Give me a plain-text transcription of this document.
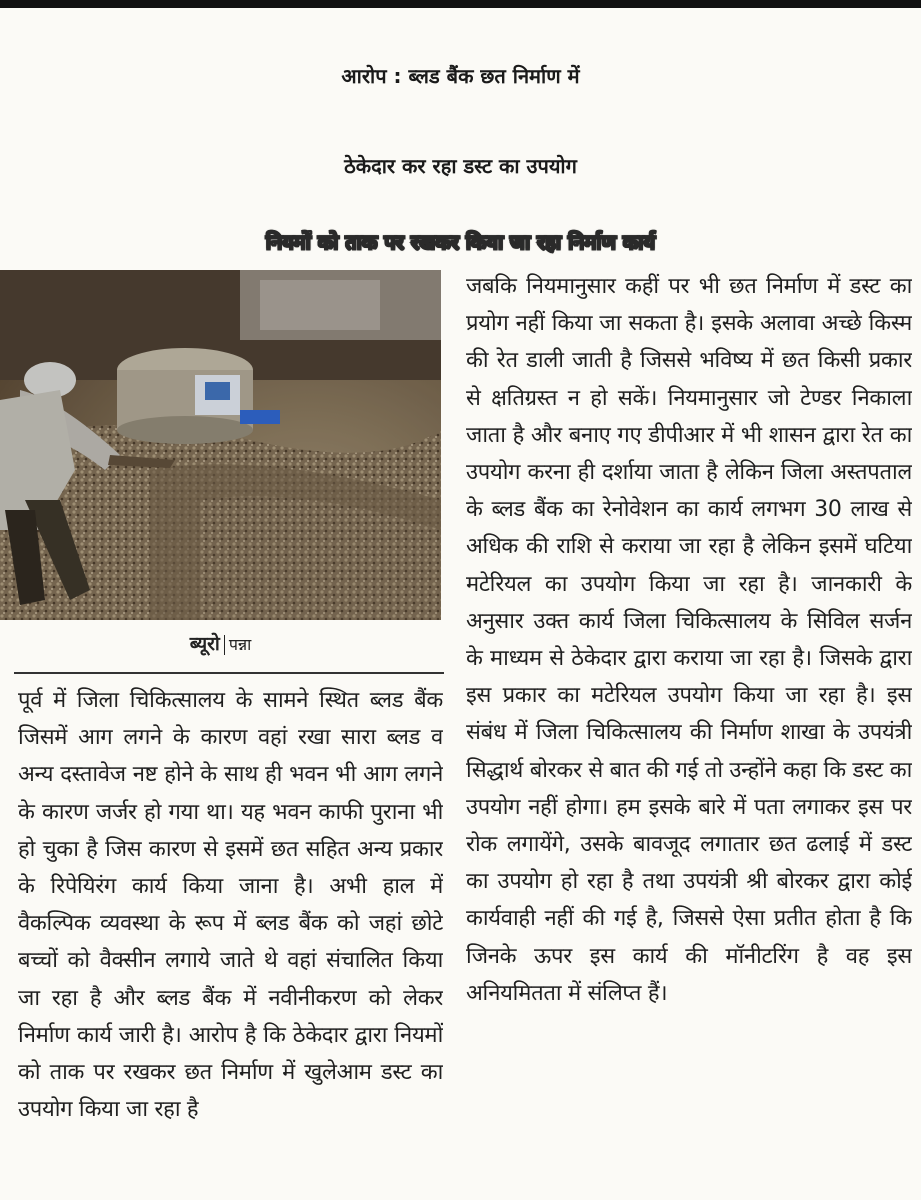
आरोप : ब्लड बैंक छत निर्माण में
ठेकेदार कर रहा डस्ट का उपयोग
नियमों को ताक पर रखकर किया जा रहा निर्माण कार्य
ब्यूरो पन्ना

पूर्व में जिला चिकित्सालय के सामने स्थित ब्लड बैंक जिसमें आग लगने के कारण वहां रखा सारा ब्लड व अन्य दस्तावेज नष्ट होने के साथ ही भवन भी आग लगने के कारण जर्जर हो गया था। यह भवन काफी पुराना भी हो चुका है जिस कारण से इसमें छत सहित अन्य प्रकार के रिपेयिरंग कार्य किया जाना है। अभी हाल में वैकल्पिक व्यवस्था के रूप में ब्लड बैंक को जहां छोटे बच्चों को वैक्सीन लगाये जाते थे वहां संचालित किया जा रहा है और ब्लड बैंक में नवीनीकरण को लेकर निर्माण कार्य जारी है। आरोप है कि ठेकेदार द्वारा नियमों को ताक पर रखकर छत निर्माण में खुलेआम डस्ट का उपयोग किया जा रहा है

जबकि नियमानुसार कहीं पर भी छत निर्माण में डस्ट का प्रयोग नहीं किया जा सकता है। इसके अलावा अच्छे किस्म की रेत डाली जाती है जिससे भविष्य में छत किसी प्रकार से क्षतिग्रस्त न हो सकें। नियमानुसार जो टेण्डर निकाला जाता है और बनाए गए डीपीआर में भी शासन द्वारा रेत का उपयोग करना ही दर्शाया जाता है लेकिन जिला अस्तपताल के ब्लड बैंक का रेनोवेशन का कार्य लगभग 30 लाख से अधिक की राशि से कराया जा रहा है लेकिन इसमें घटिया मटेरियल का उपयोग किया जा रहा है। जानकारी के अनुसार उक्त कार्य जिला चिकित्सालय के सिविल सर्जन के माध्यम से ठेकेदार द्वारा कराया जा रहा है। जिसके द्वारा इस प्रकार का मटेरियल उपयोग किया जा रहा है। इस संबंध में जिला चिकित्सालय की निर्माण शाखा के उपयंत्री सिद्धार्थ बोरकर से बात की गई तो उन्होंने कहा कि डस्ट का उपयोग नहीं होगा। हम इसके बारे में पता लगाकर इस पर रोक लगायेंगे, उसके बावजूद लगातार छत ढलाई में डस्ट का उपयोग हो रहा है तथा उपयंत्री श्री बोरकर द्वारा कोई कार्यवाही नहीं की गई है, जिससे ऐसा प्रतीत होता है कि जिनके ऊपर इस कार्य की मॉनीटरिंग है वह इस अनियमितता में संलिप्त हैं।
